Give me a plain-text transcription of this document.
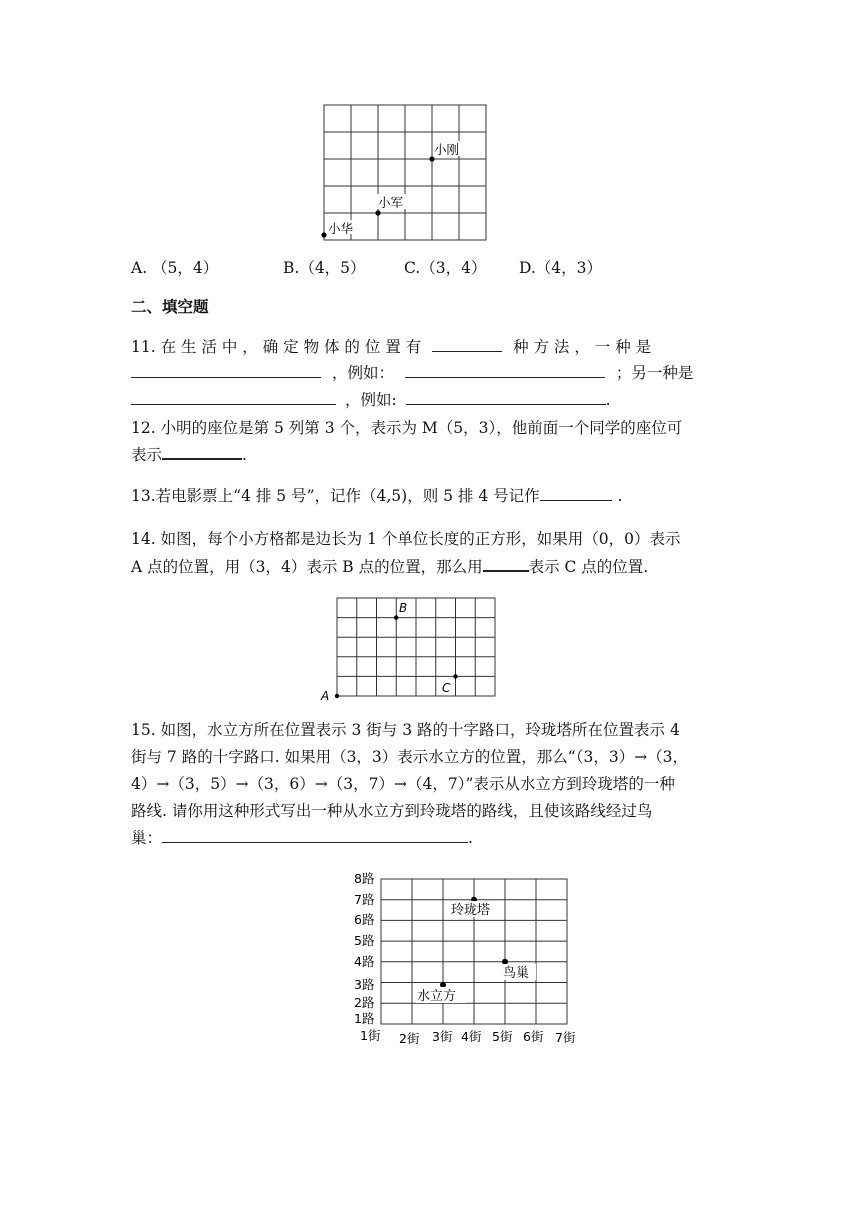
小刚
小军
小华
A. （5，4）	B.（4，5） C.（3，4） D.（4，3）
二、填空题
11. 在 生 活 中 ， 确 定 物 体 的 位 置 有	种 方 法 ， 一 种 是
，例如：	；另一种是
，例如:	.
12. 小明的座位是第 5 列第 3 个，表示为 M（5，3），他前面一个同学的座位可
表示	.
13.若电影票上“4 排 5 号”，记作（4,5)，则 5 排 4 号记作	.
14. 如图，每个小方格都是边长为 1 个单位长度的正方形，如果用（0，0）表示
A 点的位置，用（3，4）表示 B 点的位置，那么用	表示 C 点的位置.
B
C
A
15. 如图，水立方所在位置表示 3 街与 3 路的十字路口，玲珑塔所在位置表示 4
街与 7 路的十字路口. 如果用（3，3）表示水立方的位置，那么“（3，3）→（3，
4）→（3，5）→（3，6）→（3，7）→（4，7）”表示从水立方到玲珑塔的一种
路线. 请你用这种形式写出一种从水立方到玲珑塔的路线，且使该路线经过鸟
巢：	.
8路
7路
6路
5路
4路
3路
2路
1路
1街 2街 3街 4街 5街 6街 7街
玲珑塔
鸟巢
水立方
